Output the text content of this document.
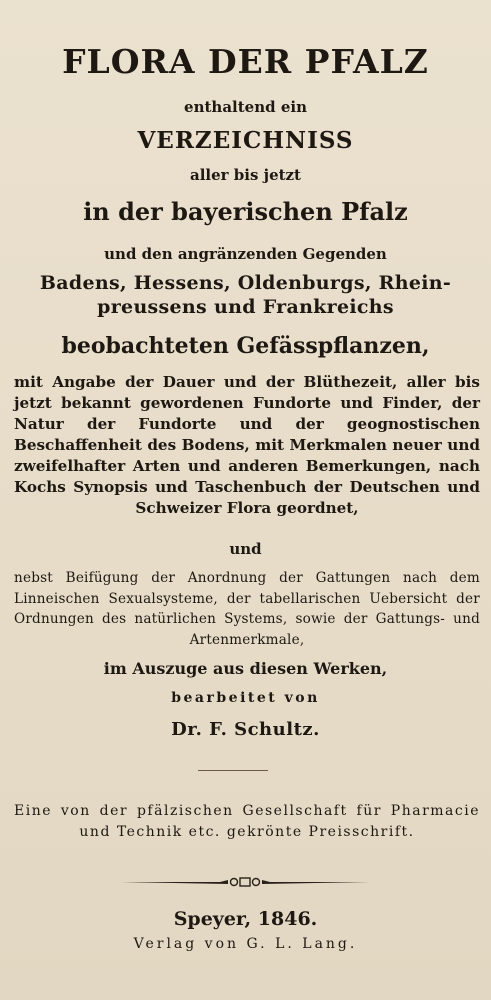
FLORA DER PFALZ
enthaltend ein
VERZEICHNISS
aller bis jetzt
in der bayerischen Pfalz
und den angränzenden Gegenden
Badens, Hessens, Oldenburgs, Rhein-
preussens und Frankreichs
beobachteten Gefässpflanzen,
mit Angabe der Dauer und der Blüthezeit, aller bis jetzt bekannt gewordenen Fundorte und Finder, der Natur der Fundorte und der geognostischen Beschaffenheit des Bodens, mit Merkmalen neuer und zweifelhafter Arten und anderen Bemerkungen, nach Kochs Synopsis und Taschenbuch der Deutschen und Schweizer Flora geordnet,
und
nebst Beifügung der Anordnung der Gattungen nach dem Linneischen Sexualsysteme, der tabellarischen Uebersicht der Ordnungen des natürlichen Systems, sowie der Gattungs- und Artenmerkmale,
im Auszuge aus diesen Werken,
bearbeitet von
Dr. F. Schultz.
Eine von der pfälzischen Gesellschaft für Pharmacie und Technik etc. gekrönte Preisschrift.
Speyer, 1846.
Verlag von G. L. Lang.
